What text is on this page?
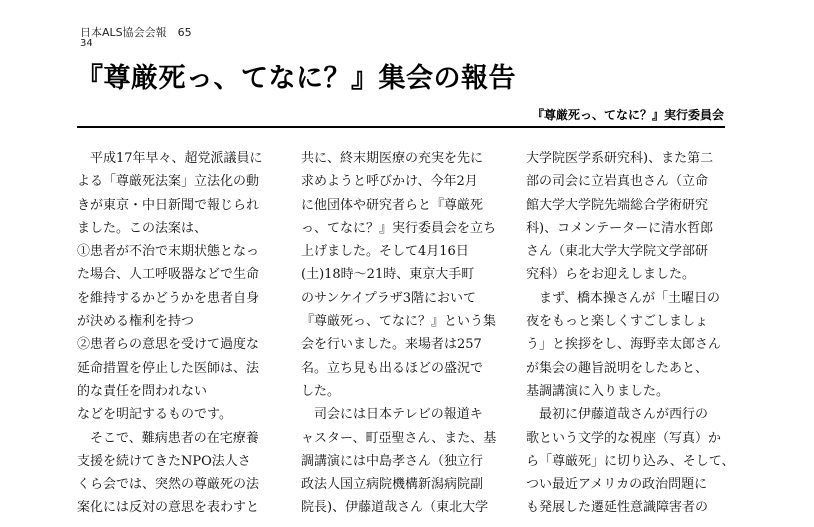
日本ALS協会会報　65
34
『尊厳死っ、てなに？』集会の報告
『尊厳死っ、てなに？』実行委員会
　平成17年早々、超党派議員に
よる「尊厳死法案」立法化の動
きが東京・中日新聞で報じられ
ました。この法案は、
①患者が不治で末期状態となっ
た場合、人工呼吸器などで生命
を維持するかどうかを患者自身
が決める権利を持つ
②患者らの意思を受けて過度な
延命措置を停止した医師は、法
的な責任を問われない
などを明記するものです。
　そこで、難病患者の在宅療養
支援を続けてきたNPO法人さ
くら会では、突然の尊厳死の法
案化には反対の意思を表わすと
共に、終末期医療の充実を先に
求めようと呼びかけ、今年2月
に他団体や研究者らと『尊厳死
っ、てなに？』実行委員会を立ち
上げました。そして4月16日
(土)18時～21時、東京大手町
のサンケイプラザ3階において
『尊厳死っ、てなに？』という集
会を行いました。来場者は257
名。立ち見も出るほどの盛況で
した。
　司会には日本テレビの報道キ
ャスター、町亞聖さん、また、基
調講演には中島孝さん（独立行
政法人国立病院機構新潟病院副
院長)、伊藤道哉さん（東北大学
大学院医学系研究科)、また第二
部の司会に立岩真也さん（立命
館大学大学院先端総合学術研究
科)、コメンテーターに清水哲郎
さん（東北大学大学院文学部研
究科）らをお迎えしました。
　まず、橋本操さんが「土曜日の
夜をもっと楽しくすごしましょ
う」と挨拶をし、海野幸太郎さん
が集会の趣旨説明をしたあと、
基調講演に入りました。
　最初に伊藤道哉さんが西行の
歌という文学的な視座（写真）か
ら「尊厳死」に切り込み、そして、
つい最近アメリカの政治問題に
も発展した遷延性意識障害者の
